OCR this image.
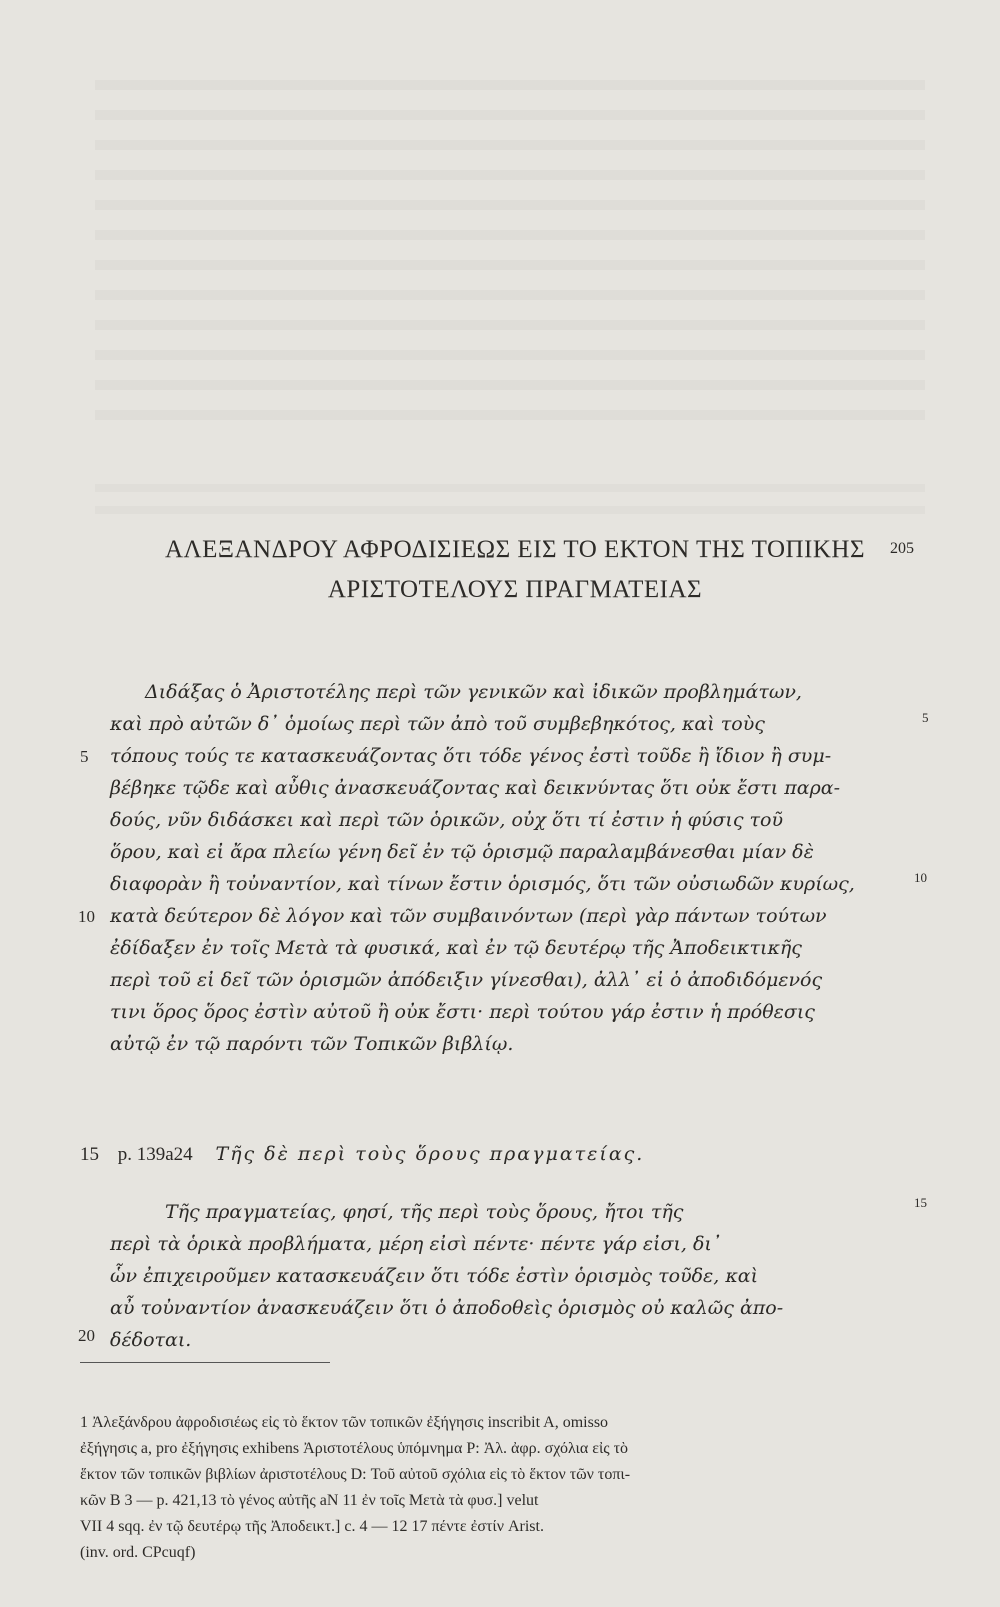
ΑΛΕΞΑΝΔΡΟΥ ΑΦΡΟΔΙΣΙΕΩΣ ΕΙΣ ΤΟ ΕΚΤΟΝ ΤΗΣ ΤΟΠΙΚΗΣ
ΑΡΙΣΤΟΤΕΛΟΥΣ ΠΡΑΓΜΑΤΕΙΑΣ
205
Διδάξας ὁ Ἀριστοτέλης περὶ τῶν γενικῶν καὶ ἰδικῶν προβλημάτων,
καὶ πρὸ αὐτῶν δ᾽ ὁμοίως περὶ τῶν ἀπὸ τοῦ συμβεβηκότος, καὶ τοὺς
τόπους τούς τε κατασκευάζοντας ὅτι τόδε γένος ἐστὶ τοῦδε ἢ ἴδιον ἢ συμ-
βέβηκε τῷδε καὶ αὖθις ἀνασκευάζοντας καὶ δεικνύντας ὅτι οὐκ ἔστι παρα-
δούς, νῦν διδάσκει καὶ περὶ τῶν ὁρικῶν, οὐχ ὅτι τί ἐστιν ἡ φύσις τοῦ
ὅρου, καὶ εἰ ἄρα πλείω γένη δεῖ ἐν τῷ ὁρισμῷ παραλαμβάνεσθαι μίαν δὲ
διαφορὰν ἢ τοὐναντίον, καὶ τίνων ἔστιν ὁρισμός, ὅτι τῶν οὐσιωδῶν κυρίως,
κατὰ δεύτερον δὲ λόγον καὶ τῶν συμβαινόντων (περὶ γὰρ πάντων τούτων
ἐδίδαξεν ἐν τοῖς Μετὰ τὰ φυσικά, καὶ ἐν τῷ δευτέρῳ τῆς Ἀποδεικτικῆς
περὶ τοῦ εἰ δεῖ τῶν ὁρισμῶν ἀπόδειξιν γίνεσθαι), ἀλλ᾽ εἰ ὁ ἀποδιδόμενός
τινι ὅρος ὅρος ἐστὶν αὐτοῦ ἢ οὐκ ἔστι· περὶ τούτου γάρ ἐστιν ἡ πρόθεσις
αὐτῷ ἐν τῷ παρόντι τῶν Τοπικῶν βιβλίῳ.
5
10
20
5
10
15
15 p. 139a24 Τῆς δὲ περὶ τοὺς ὅρους πραγματείας.
Τῆς πραγματείας, φησί, τῆς περὶ τοὺς ὅρους, ἤτοι τῆς
περὶ τὰ ὁρικὰ προβλήματα, μέρη εἰσὶ πέντε· πέντε γάρ εἰσι, δι᾽
ὧν ἐπιχειροῦμεν κατασκευάζειν ὅτι τόδε ἐστὶν ὁρισμὸς τοῦδε, καὶ
αὖ τοὐναντίον ἀνασκευάζειν ὅτι ὁ ἀποδοθεὶς ὁρισμὸς οὐ καλῶς ἀπο-
δέδοται.
1 Ἀλεξάνδρου ἀφροδισιέως εἰς τὸ ἕκτον τῶν τοπικῶν ἐξήγησις inscribit A, omisso
ἐξήγησις a, pro ἐξήγησις exhibens Ἀριστοτέλους ὑπόμνημα P: Ἀλ. ἀφρ. σχόλια εἰς τὸ
ἕκτον τῶν τοπικῶν βιβλίων ἀριστοτέλους D: Τοῦ αὐτοῦ σχόλια εἰς τὸ ἕκτον τῶν τοπι-
κῶν B 3 — p. 421,13 τὸ γένος αὐτῆς aN 11 ἐν τοῖς Μετὰ τὰ φυσ.] velut
VII 4 sqq. ἐν τῷ δευτέρῳ τῆς Ἀποδεικτ.] c. 4 — 12 17 πέντε ἐστίν Arist.
(inv. ord. CPcuqf)
